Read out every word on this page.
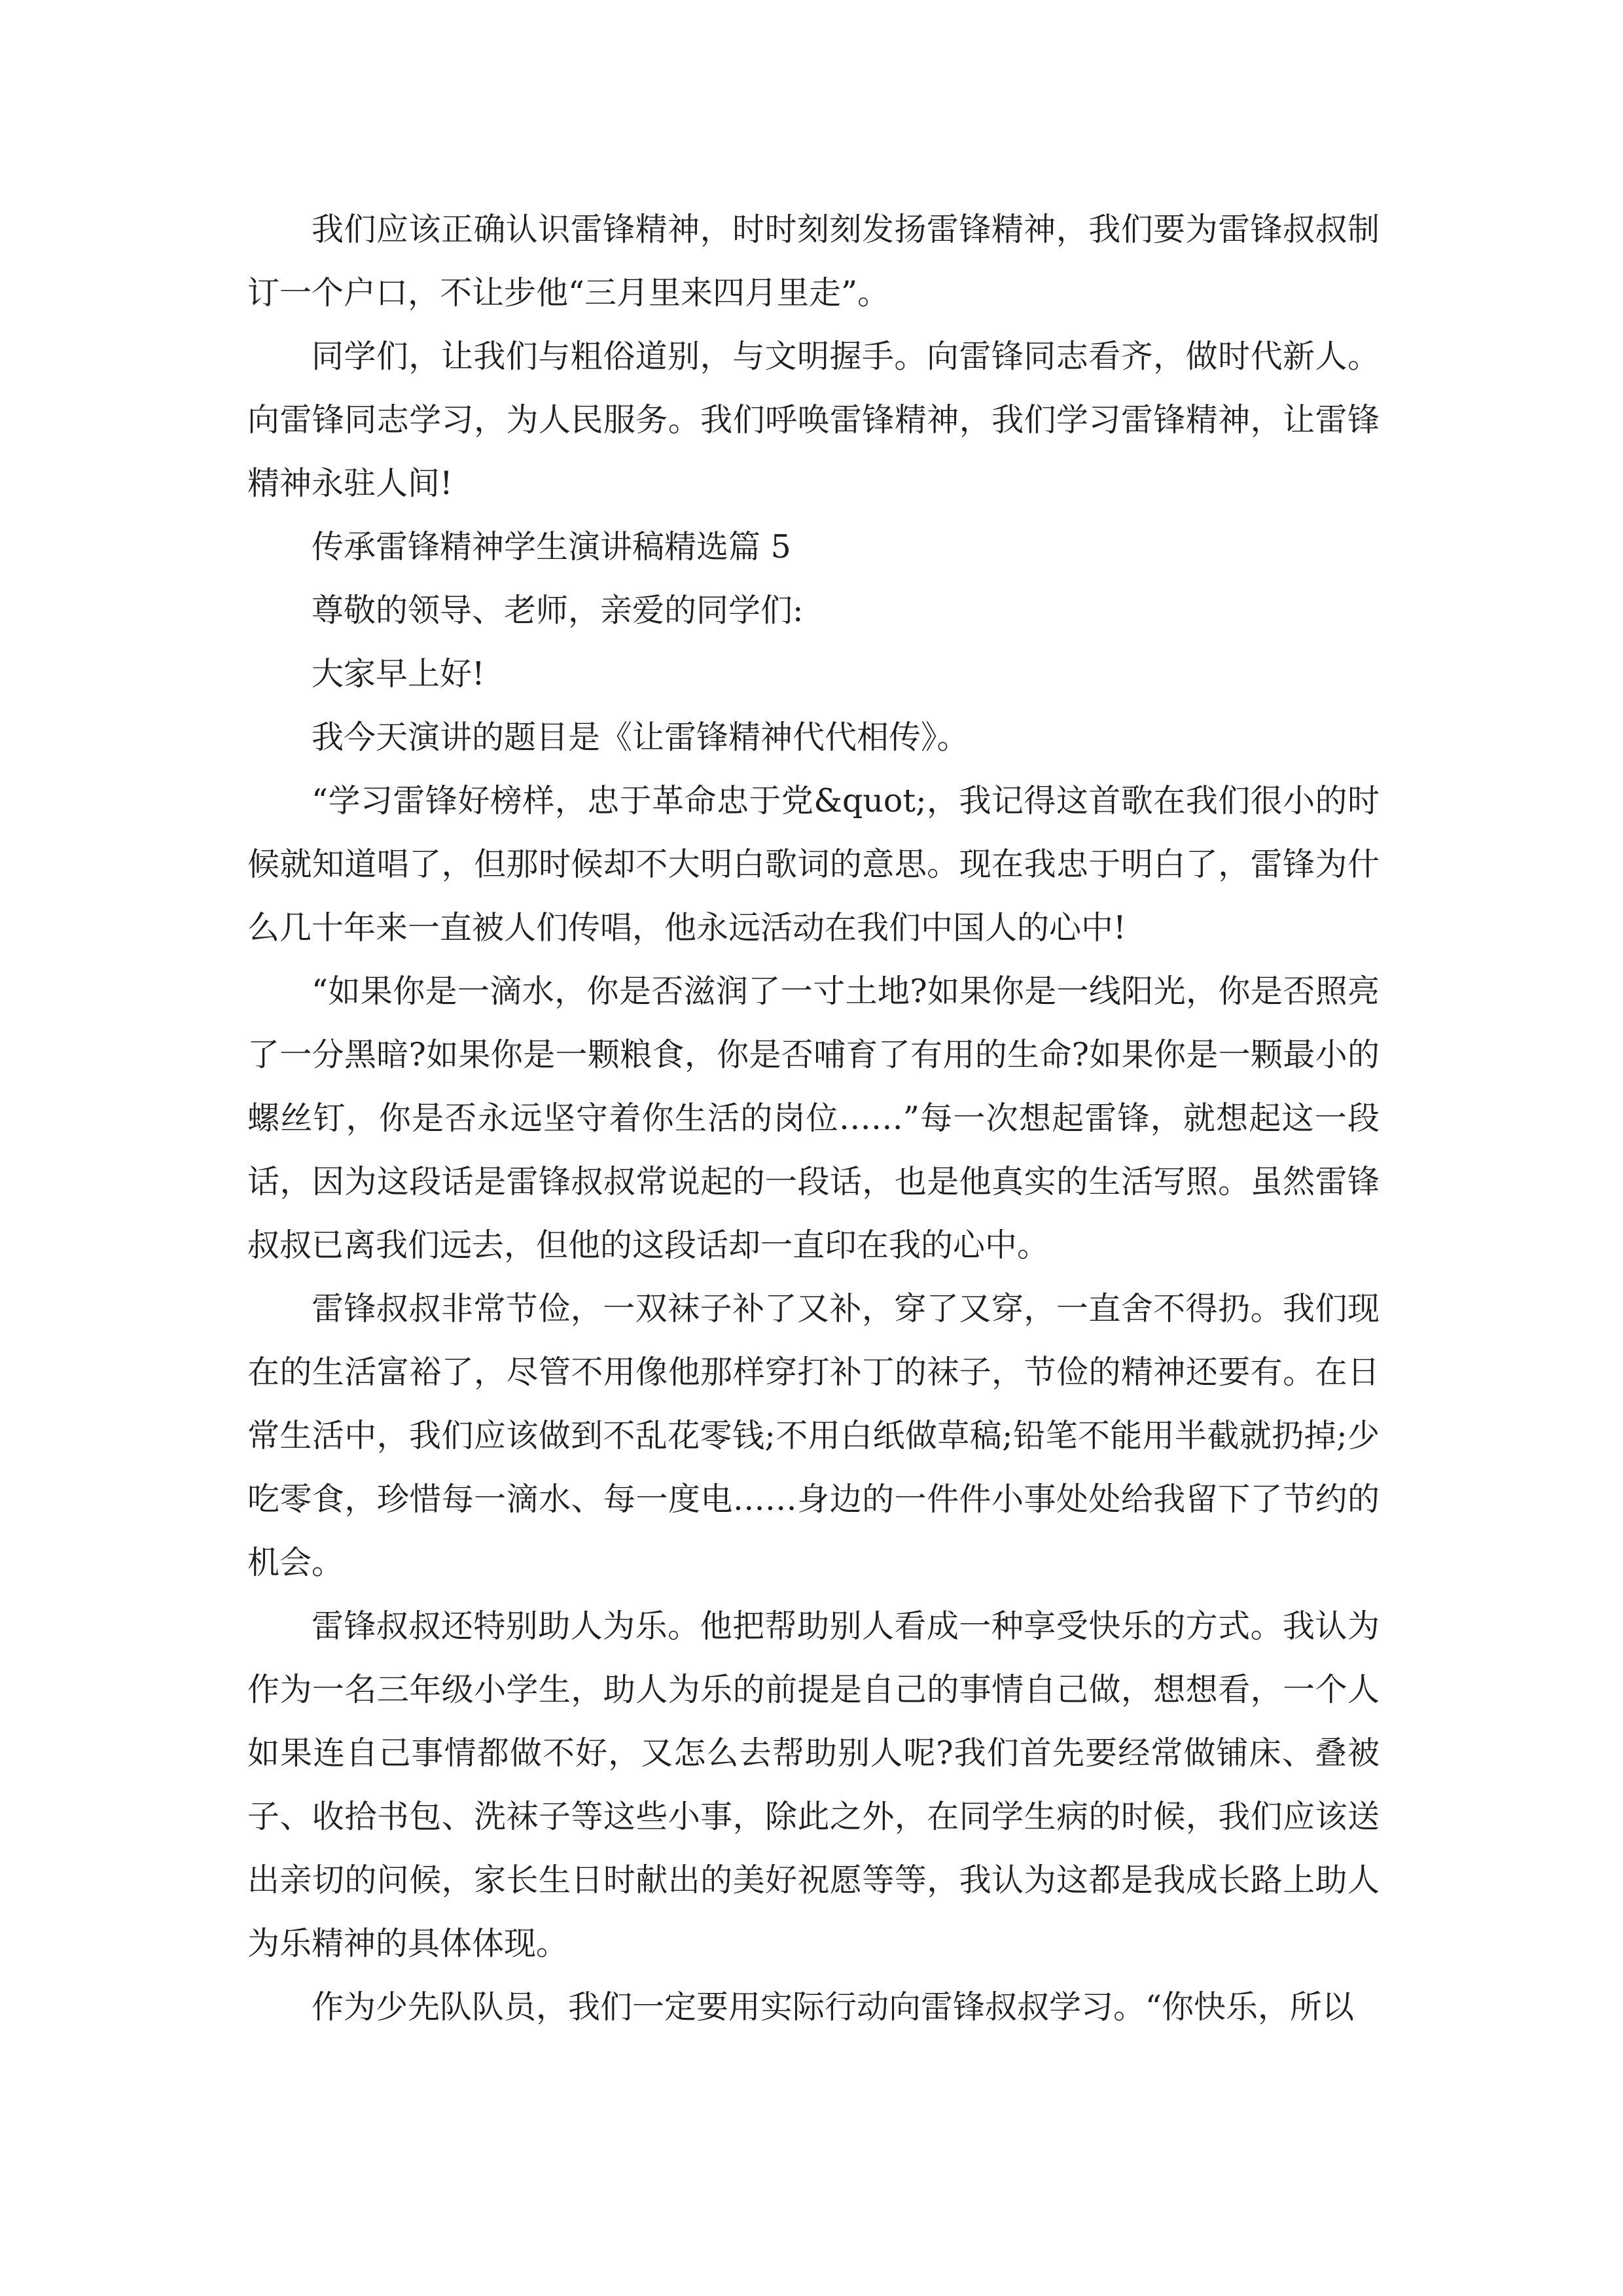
我们应该正确认识雷锋精神，时时刻刻发扬雷锋精神，我们要为雷锋叔叔制订一个户口，不让步他“三月里来四月里走”。

同学们，让我们与粗俗道别，与文明握手。向雷锋同志看齐，做时代新人。向雷锋同志学习，为人民服务。我们呼唤雷锋精神，我们学习雷锋精神，让雷锋精神永驻人间!

传承雷锋精神学生演讲稿精选篇 5

尊敬的领导、老师，亲爱的同学们:

大家早上好!

我今天演讲的题目是《让雷锋精神代代相传》。

“学习雷锋好榜样，忠于革命忠于党&quot;，我记得这首歌在我们很小的时候就知道唱了，但那时候却不大明白歌词的意思。现在我忠于明白了，雷锋为什么几十年来一直被人们传唱，他永远活动在我们中国人的心中!

“如果你是一滴水，你是否滋润了一寸土地?如果你是一线阳光，你是否照亮了一分黑暗?如果你是一颗粮食，你是否哺育了有用的生命?如果你是一颗最小的螺丝钉，你是否永远坚守着你生活的岗位……”每一次想起雷锋，就想起这一段话，因为这段话是雷锋叔叔常说起的一段话，也是他真实的生活写照。虽然雷锋叔叔已离我们远去，但他的这段话却一直印在我的心中。

雷锋叔叔非常节俭，一双袜子补了又补，穿了又穿，一直舍不得扔。我们现在的生活富裕了，尽管不用像他那样穿打补丁的袜子，节俭的精神还要有。在日常生活中，我们应该做到不乱花零钱;不用白纸做草稿;铅笔不能用半截就扔掉;少吃零食，珍惜每一滴水、每一度电……身边的一件件小事处处给我留下了节约的机会。

雷锋叔叔还特别助人为乐。他把帮助别人看成一种享受快乐的方式。我认为作为一名三年级小学生，助人为乐的前提是自己的事情自己做，想想看，一个人如果连自己事情都做不好，又怎么去帮助别人呢?我们首先要经常做铺床、叠被子、收拾书包、洗袜子等这些小事，除此之外，在同学生病的时候，我们应该送出亲切的问候，家长生日时献出的美好祝愿等等，我认为这都是我成长路上助人为乐精神的具体体现。

作为少先队队员，我们一定要用实际行动向雷锋叔叔学习。“你快乐，所以
